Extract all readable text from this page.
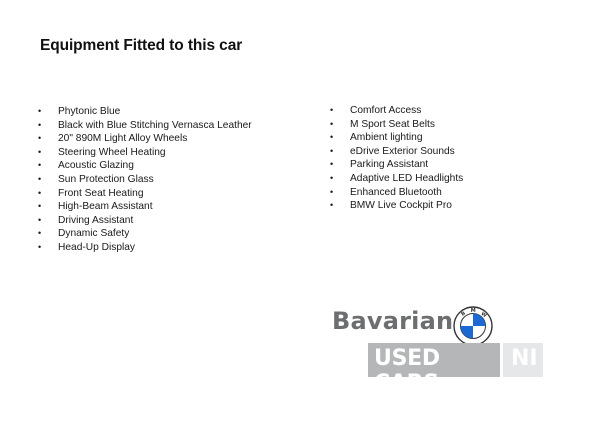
Equipment Fitted to this car
• Phytonic Blue
• Black with Blue Stitching Vernasca Leather
• 20" 890M Light Alloy Wheels
• Steering Wheel Heating
• Acoustic Glazing
• Sun Protection Glass
• Front Seat Heating
• High-Beam Assistant
• Driving Assistant
• Dynamic Safety
• Head-Up Display
• Comfort Access
• M Sport Seat Belts
• Ambient lighting
• eDrive Exterior Sounds
• Parking Assistant
• Adaptive LED Headlights
• Enhanced Bluetooth
• BMW Live Cockpit Pro
Bavarian B M W
USED CARS
NI
